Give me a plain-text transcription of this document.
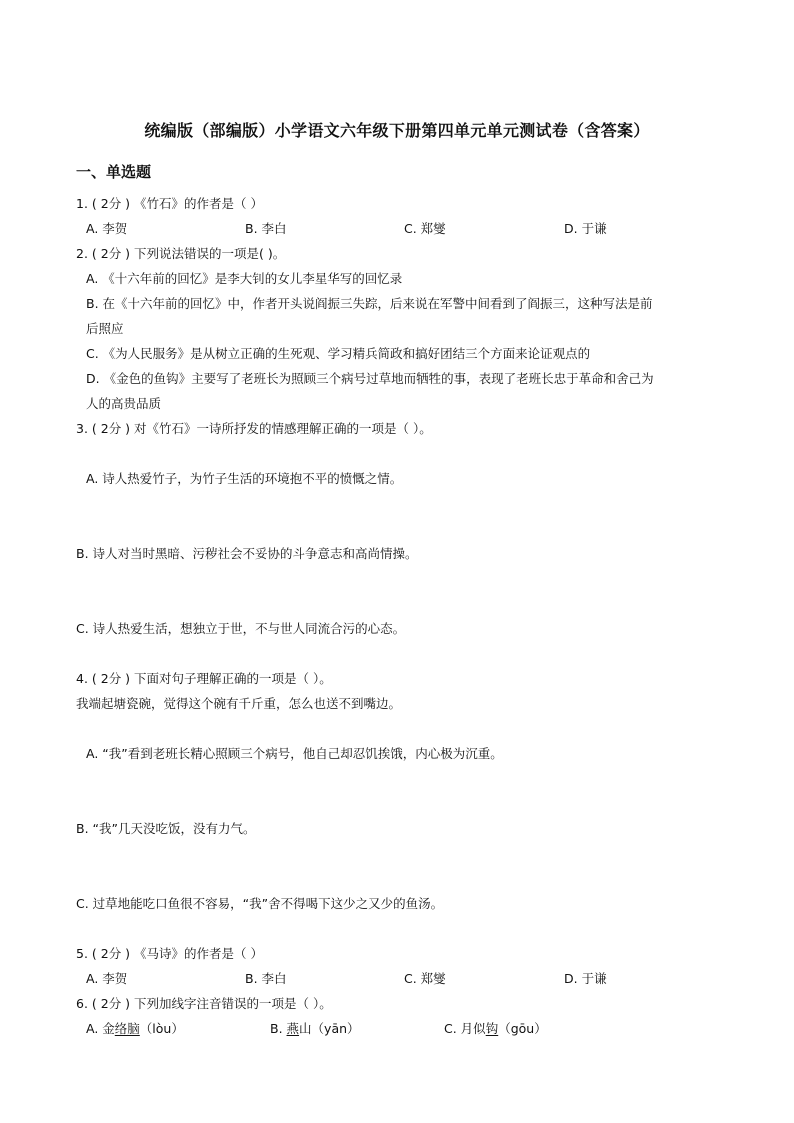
统编版（部编版）小学语文六年级下册第四单元单元测试卷（含答案）
一、单选题
1. ( 2分 ) 《竹石》的作者是（ ）
A. 李贺	B. 李白	C. 郑燮	D. 于谦
2. ( 2分 ) 下列说法错误的一项是( )。
A. 《十六年前的回忆》是李大钊的女儿李星华写的回忆录
B. 在《十六年前的回忆》中，作者开头说阎振三失踪，后来说在军警中间看到了阎振三，这种写法是前
后照应
C. 《为人民服务》是从树立正确的生死观、学习精兵简政和搞好团结三个方面来论证观点的
D. 《金色的鱼钩》主要写了老班长为照顾三个病号过草地而牺牲的事，表现了老班长忠于革命和舍己为
人的高贵品质
3. ( 2分 ) 对《竹石》一诗所抒发的情感理解正确的一项是（ ）。
A. 诗人热爱竹子，为竹子生活的环境抱不平的愤慨之情。
B. 诗人对当时黑暗、污秽社会不妥协的斗争意志和高尚情操。
C. 诗人热爱生活，想独立于世，不与世人同流合污的心态。
4. ( 2分 ) 下面对句子理解正确的一项是（ ）。
我端起塘瓷碗，觉得这个碗有千斤重，怎么也送不到嘴边。
A. “我”看到老班长精心照顾三个病号，他自己却忍饥挨饿，内心极为沉重。
B. “我”几天没吃饭，没有力气。
C. 过草地能吃口鱼很不容易，“我”舍不得喝下这少之又少的鱼汤。
5. ( 2分 ) 《马诗》的作者是（ ）
A. 李贺	B. 李白	C. 郑燮	D. 于谦
6. ( 2分 ) 下列加线字注音错误的一项是（ ）。
A. 金络脑（lòu）	B. 燕山（yān）	C. 月似钩（gōu）
